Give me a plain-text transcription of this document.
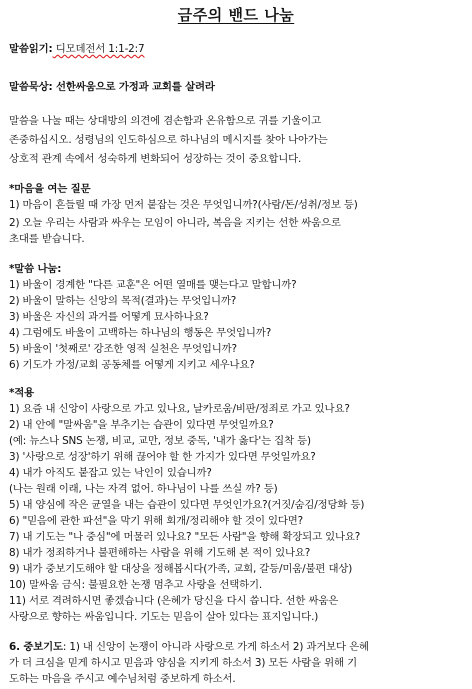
금주의 밴드 나눔
말씀읽기: 디모데전서 1:1-2:7
말씀묵상: 선한싸움으로 가정과 교회를 살려라
말씀을 나눌 때는 상대방의 의견에 겸손함과 온유함으로 귀를 기울이고
존중하십시오. 성령님의 인도하심으로 하나님의 메시지를 찾아 나아가는
상호적 관계 속에서 성숙하게 변화되어 성장하는 것이 중요합니다.
*마음을 여는 질문
1) 마음이 흔들릴 때 가장 먼저 붙잡는 것은 무엇입니까?(사람/돈/성취/정보 등)
2) 오늘 우리는 사람과 싸우는 모임이 아니라, 복음을 지키는 선한 싸움으로
초대를 받습니다.
*말씀 나눔:
1) 바울이 경계한 "다른 교훈"은 어떤 열매를 맺는다고 말합니까?
2) 바울이 말하는 신앙의 목적(결과)는 무엇입니까?
3) 바울은 자신의 과거를 어떻게 묘사하나요?
4) 그럼에도 바울이 고백하는 하나님의 행동은 무엇입니까?
5) 바울이 '첫째로' 강조한 영적 실천은 무엇입니까?
6) 기도가 가정/교회 공동체를 어떻게 지키고 세우나요?
*적용
1) 요즘 내 신앙이 사랑으로 가고 있나요, 날카로움/비판/정죄로 가고 있나요?
2) 내 안에 "말싸움"을 부추기는 습관이 있다면 무엇일까요?
(예: 뉴스나 SNS 논쟁, 비교, 교만, 정보 중독, '내가 옳다'는 집착 등)
3) '사랑으로 성장'하기 위해 끊어야 할 한 가지가 있다면 무엇일까요?
4) 내가 아직도 붙잡고 있는 낙인이 있습니까?
(나는 원래 이래, 나는 자격 없어. 하나님이 나를 쓰실 까? 등)
5) 내 양심에 작은 균열을 내는 습관이 있다면 무엇인가요?(거짓/숨김/정당화 등)
6) "믿음에 관한 파선"을 막기 위해 회개/정리해야 할 것이 있다면?
7) 내 기도는 "나 중심"에 머물러 있나요? "모든 사람"을 향해 확장되고 있나요?
8) 내가 정죄하거나 불편해하는 사람을 위해 기도해 본 적이 있나요?
9) 내가 중보기도해야 할 대상을 정해봅시다(가족, 교회, 갈등/미움/불편 대상)
10) 말싸움 금식: 불필요한 논쟁 멈추고 사랑을 선택하기.
11) 서로 격려하시면 좋겠습니다 (은혜가 당신을 다시 씁니다. 선한 싸움은
사랑으로 향하는 싸움입니다. 기도는 믿음이 살아 있다는 표지입니다.)
6. 중보기도: 1) 내 신앙이 논쟁이 아니라 사랑으로 가게 하소서 2) 과거보다 은혜
가 더 크심을 믿게 하시고 믿음과 양심을 지키게 하소서 3) 모든 사람을 위해 기
도하는 마음을 주시고 예수님처럼 중보하게 하소서.
